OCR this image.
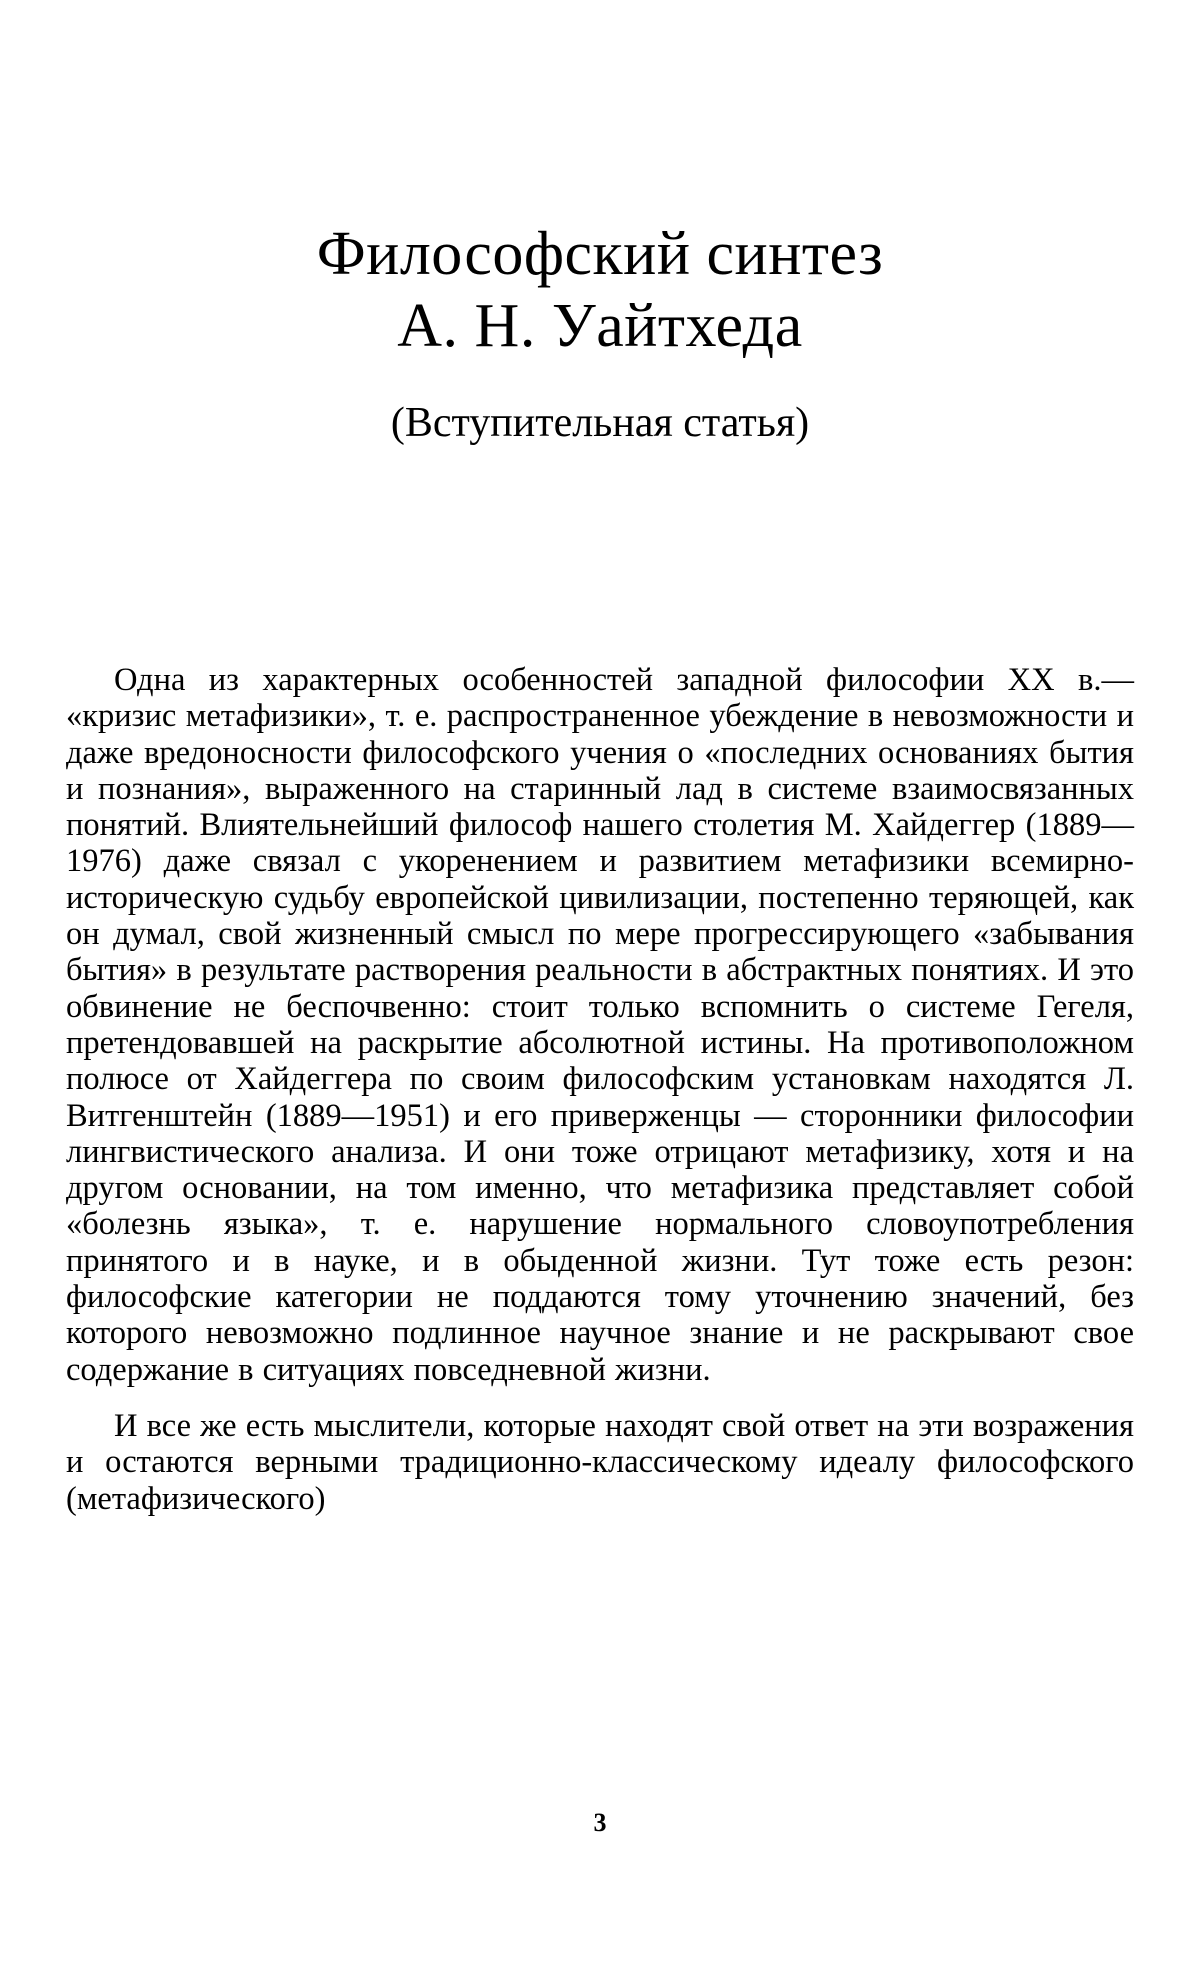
Философский синтез
А. Н. Уайтхеда
(Вступительная статья)

Одна из характерных особенностей западной философии XX в.— «кризис метафизики», т. е. распространенное убеждение в невозможности и даже вредоносности философского учения о «последних основаниях бытия и познания», выраженного на старинный лад в системе взаимосвязанных понятий. Влиятельнейший философ нашего столетия М. Хайдеггер (1889—1976) даже связал с укоренением и развитием метафизики всемирно-историческую судьбу европейской цивилизации, постепенно теряющей, как он думал, свой жизненный смысл по мере прогрессирующего «забывания бытия» в результате растворения реальности в абстрактных понятиях. И это обвинение не беспочвенно: стоит только вспомнить о системе Гегеля, претендовавшей на раскрытие абсолютной истины. На противоположном полюсе от Хайдеггера по своим философским установкам находятся Л. Витгенштейн (1889—1951) и его приверженцы — сторонники философии лингвистического анализа. И они тоже отрицают метафизику, хотя и на другом основании, на том именно, что метафизика представляет собой «болезнь языка», т. е. нарушение нормального словоупотребления принятого и в науке, и в обыденной жизни. Тут тоже есть резон: философские категории не поддаются тому уточнению значений, без которого невозможно подлинное научное знание и не раскрывают свое содержание в ситуациях повседневной жизни.

И все же есть мыслители, которые находят свой ответ на эти возражения и остаются верными традиционно-классическому идеалу философского (метафизического)

3
